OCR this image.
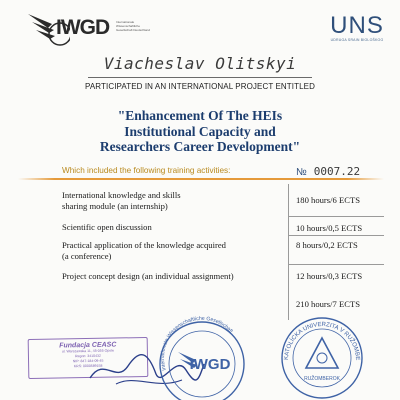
IWGD Internationale Wissenschaftliche Gesellschaft Deutschland	UNS
UDRUGA SRAIN BIOLOŠKOG
Viacheslav Olitskyi
PARTICIPATED IN AN INTERNATIONAL PROJECT ENTITLED
"Enhancement Of The HEIs
Institutional Capacity and
Researchers Career Development"
Which included the following training activities:	№ 0007.22
International knowledge and skills
sharing module (an internship)
180 hours/6 ECTS
Scientific open discussion	10 hours/0,5 ECTS
Practical application of the knowledge acquired
(a conference)
8 hours/0,2 ECTS
Project concept design (an individual assignment)	12 hours/0,3 ECTS
210 hours/7 ECTS
Fundacja CEASC
ul. Warszawska 11, 45-055 Opole
Regon: 3410432
NIP: 847-184-09-45
KRS: 0000589158
Internationale Wissenschaftliche Gesellschaft
IWGD	KATOLÍCKA UNIVERZITA V RUŽOMBE
RUŽOMBEROK
